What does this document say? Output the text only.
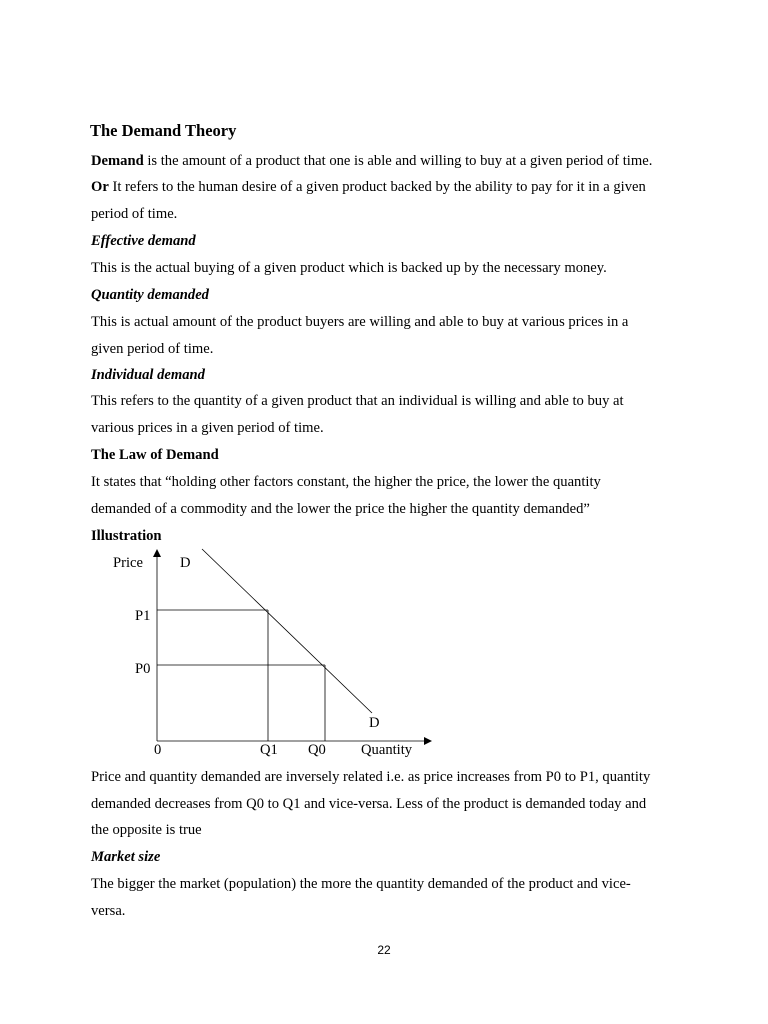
The Demand Theory
Demand is the amount of a product that one is able and willing to buy at a given period of time.
Or It refers to the human desire of a given product backed by the ability to pay for it in a given
period of time.
Effective demand
This is the actual buying of a given product which is backed up by the necessary money.
Quantity demanded
This is actual amount of the product buyers are willing and able to buy at various prices in a
given period of time.
Individual demand
This refers to the quantity of a given product that an individual is willing and able to buy at
various prices in a given period of time.
The Law of Demand
It states that “holding other factors constant, the higher the price, the lower the quantity
demanded of a commodity and the lower the price the higher the quantity demanded”
Illustration
Price	D
P1
P0
D
0	Q1 Q0 Quantity
Price and quantity demanded are inversely related i.e. as price increases from P0 to P1, quantity
demanded decreases from Q0 to Q1 and vice-versa. Less of the product is demanded today and
the opposite is true
Market size
The bigger the market (population) the more the quantity demanded of the product and vice-
versa.
22
